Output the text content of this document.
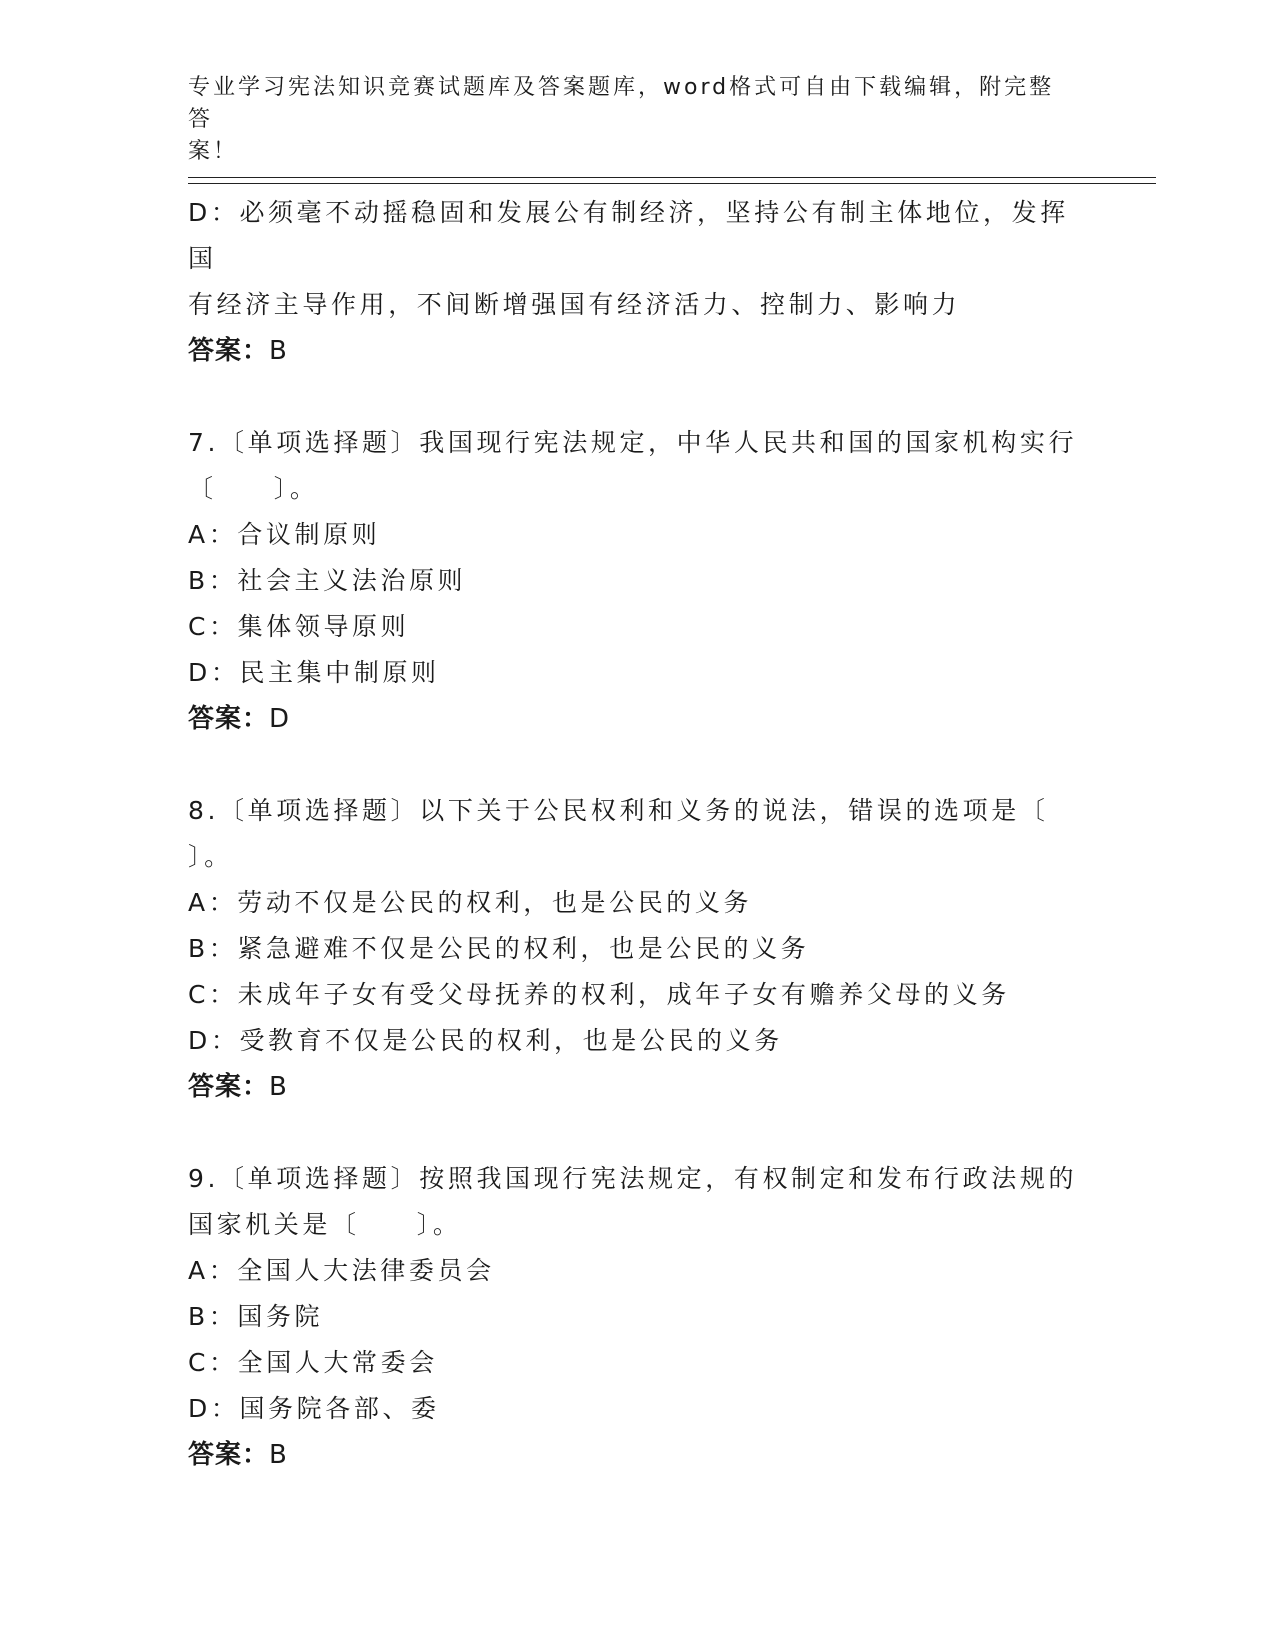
专业学习宪法知识竞赛试题库及答案题库，word格式可自由下载编辑，附完整答
案！
D：必须毫不动摇稳固和发展公有制经济，坚持公有制主体地位，发挥国
有经济主导作用，不间断增强国有经济活力、控制力、影响力
答案：B
7.〔单项选择题〕我国现行宪法规定，中华人民共和国的国家机构实行
〔　　〕。
A：合议制原则
B：社会主义法治原则
C：集体领导原则
D：民主集中制原则
答案：D
8.〔单项选择题〕以下关于公民权利和义务的说法，错误的选项是〔
〕。
A：劳动不仅是公民的权利，也是公民的义务
B：紧急避难不仅是公民的权利，也是公民的义务
C：未成年子女有受父母抚养的权利，成年子女有赡养父母的义务
D：受教育不仅是公民的权利，也是公民的义务
答案：B
9.〔单项选择题〕按照我国现行宪法规定，有权制定和发布行政法规的
国家机关是〔　　〕。
A：全国人大法律委员会
B：国务院
C：全国人大常委会
D：国务院各部、委
答案：B
